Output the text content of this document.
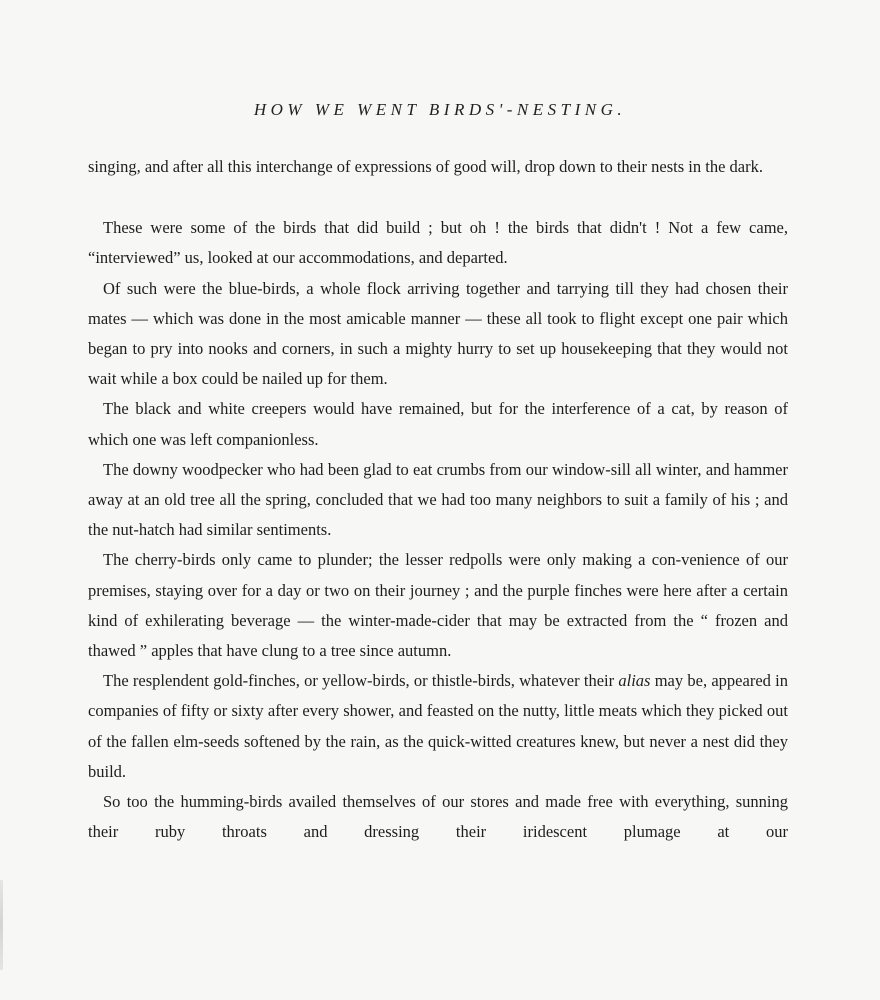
HOW WE WENT BIRDS'-NESTING.

singing, and after all this interchange of expressions of good will, drop down to their nests in the dark.

These were some of the birds that did build ; but oh ! the birds that didn't ! Not a few came, “interviewed” us, looked at our accommodations, and departed.

Of such were the blue-birds, a whole flock arriving together and tarrying till they had chosen their mates — which was done in the most amicable manner — these all took to flight except one pair which began to pry into nooks and corners, in such a mighty hurry to set up housekeeping that they would not wait while a box could be nailed up for them.

The black and white creepers would have remained, but for the interference of a cat, by reason of which one was left companionless.

The downy woodpecker who had been glad to eat crumbs from our window-sill all winter, and hammer away at an old tree all the spring, concluded that we had too many neighbors to suit a family of his ; and the nut-hatch had similar sentiments.

The cherry-birds only came to plunder; the lesser redpolls were only making a con-venience of our premises, staying over for a day or two on their journey ; and the purple finches were here after a certain kind of exhilerating beverage — the winter-made-cider that may be extracted from the “ frozen and thawed ” apples that have clung to a tree since autumn.

The resplendent gold-finches, or yellow-birds, or thistle-birds, whatever their alias may be, appeared in companies of fifty or sixty after every shower, and feasted on the nutty, little meats which they picked out of the fallen elm-seeds softened by the rain, as the quick-witted creatures knew, but never a nest did they build.

So too the humming-birds availed themselves of our stores and made free with everything, sunning their ruby throats and dressing their iridescent plumage at our
